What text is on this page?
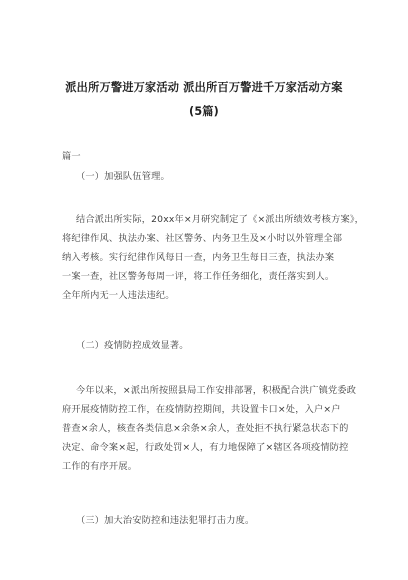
派出所万警进万家活动 派出所百万警进千万家活动方案
(5篇)
篇一
（一）加强队伍管理。
结合派出所实际，20xx年×月研究制定了《×派出所绩效考核方案》，
将纪律作风、执法办案、社区警务、内务卫生及×小时以外管理全部
纳入考核。实行纪律作风每日一查，内务卫生每日三查，执法办案
一案一查，社区警务每周一评，将工作任务细化，责任落实到人。
全年所内无一人违法违纪。
（二）疫情防控成效显著。
今年以来，×派出所按照县局工作安排部署，积极配合洪广镇党委政
府开展疫情防控工作，在疫情防控期间，共设置卡口×处，入户×户
普查×余人，核查各类信息×余条×余人，查处拒不执行紧急状态下的
决定、命令案×起，行政处罚×人，有力地保障了×辖区各项疫情防控
工作的有序开展。
（三）加大治安防控和违法犯罪打击力度。
